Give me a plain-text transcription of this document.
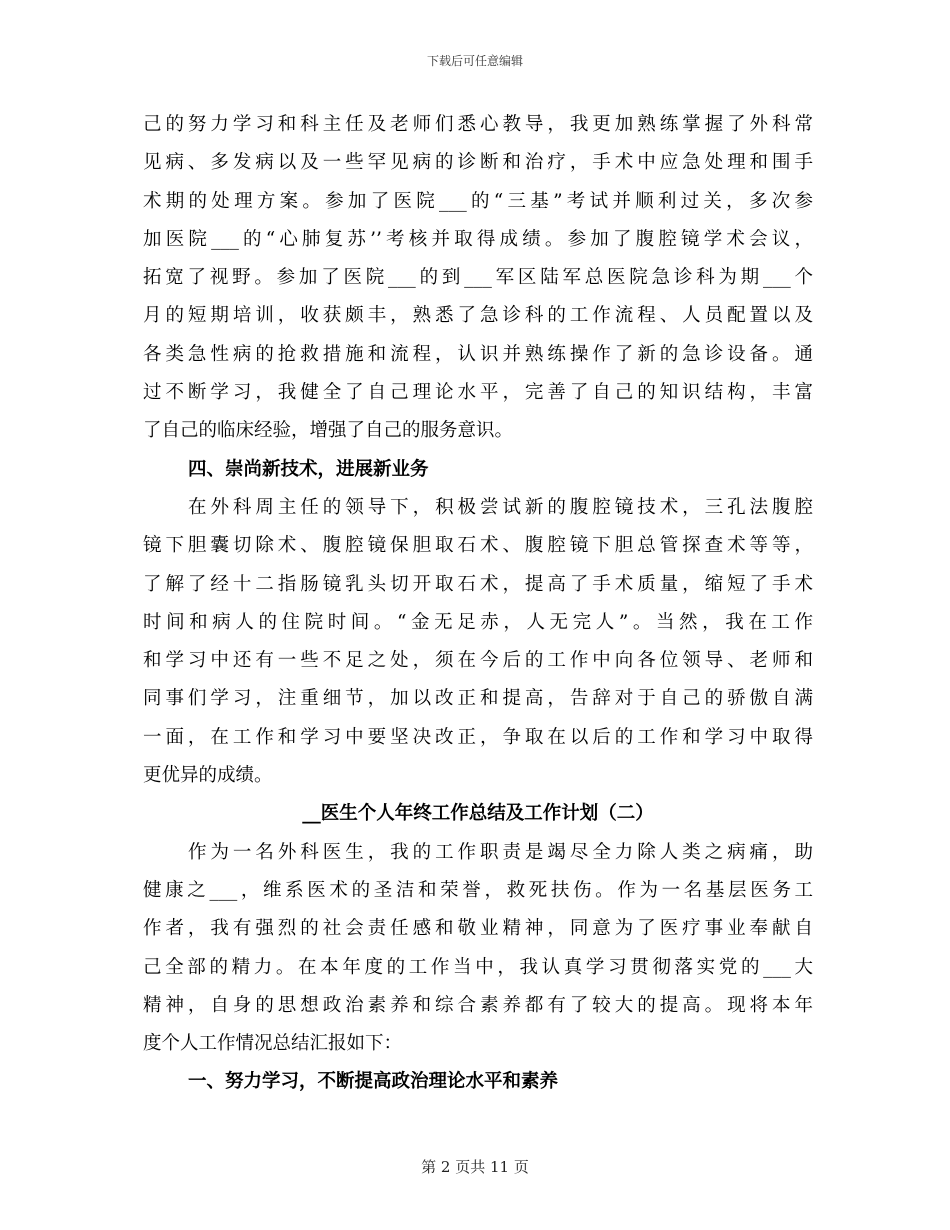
下载后可任意编辑
己的努力学习和科主任及老师们悉心教导，我更加熟练掌握了外科常
见病、多发病以及一些罕见病的诊断和治疗，手术中应急处理和围手
术期的处理方案。参加了医院___的“三基”考试并顺利过关，多次参
加医院___的“心肺复苏’’考核并取得成绩。参加了腹腔镜学术会议，
拓宽了视野。参加了医院___的到___军区陆军总医院急诊科为期___个
月的短期培训，收获颇丰，熟悉了急诊科的工作流程、人员配置以及
各类急性病的抢救措施和流程，认识并熟练操作了新的急诊设备。通
过不断学习，我健全了自己理论水平，完善了自己的知识结构，丰富
了自己的临床经验，增强了自己的服务意识。
四、崇尚新技术，进展新业务
在外科周主任的领导下，积极尝试新的腹腔镜技术，三孔法腹腔
镜下胆囊切除术、腹腔镜保胆取石术、腹腔镜下胆总管探查术等等，
了解了经十二指肠镜乳头切开取石术，提高了手术质量，缩短了手术
时间和病人的住院时间。“金无足赤，人无完人”。当然，我在工作
和学习中还有一些不足之处，须在今后的工作中向各位领导、老师和
同事们学习，注重细节，加以改正和提高，告辞对于自己的骄傲自满
一面，在工作和学习中要坚决改正，争取在以后的工作和学习中取得
更优异的成绩。
__医生个人年终工作总结及工作计划（二）
作为一名外科医生，我的工作职责是竭尽全力除人类之病痛，助
健康之___，维系医术的圣洁和荣誉，救死扶伤。作为一名基层医务工
作者，我有强烈的社会责任感和敬业精神，同意为了医疗事业奉献自
己全部的精力。在本年度的工作当中，我认真学习贯彻落实党的___大
精神，自身的思想政治素养和综合素养都有了较大的提高。现将本年
度个人工作情况总结汇报如下：
一、努力学习，不断提高政治理论水平和素养
第 2 页共 11 页
